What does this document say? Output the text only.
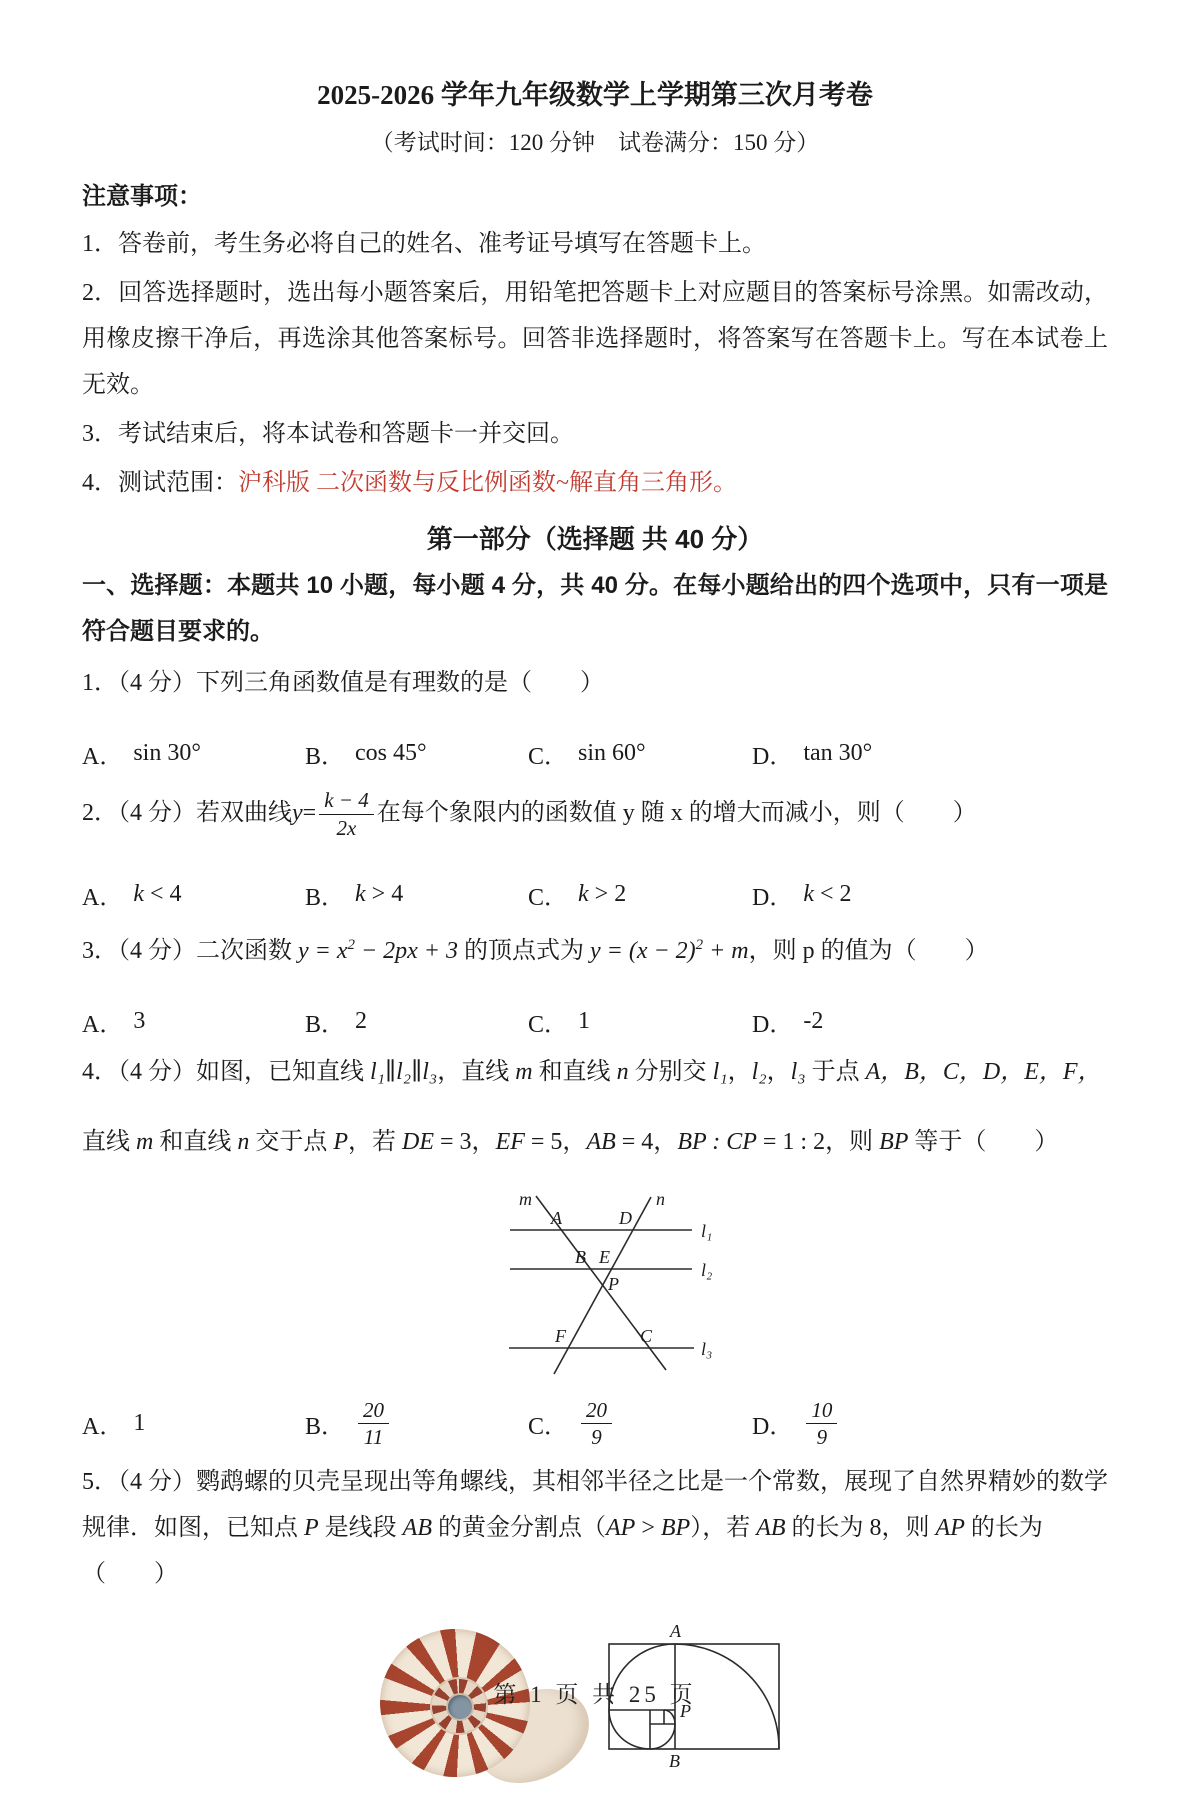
2025-2026 学年九年级数学上学期第三次月考卷
（考试时间：120 分钟　试卷满分：150 分）
注意事项：

1．答卷前，考生务必将自己的姓名、准考证号填写在答题卡上。

2．回答选择题时，选出每小题答案后，用铅笔把答题卡上对应题目的答案标号涂黑。如需改动，用橡皮擦干净后，再选涂其他答案标号。回答非选择题时，将答案写在答题卡上。写在本试卷上无效。

3．考试结束后，将本试卷和答题卡一并交回。

4．测试范围：沪科版 二次函数与反比例函数~解直角三角形。

第一部分（选择题 共 40 分）

一、选择题：本题共 10 小题，每小题 4 分，共 40 分。在每小题给出的四个选项中，只有一项是符合题目要求的。

1．（4 分）下列三角函数值是有理数的是（　　）

A． sin 30°	B． cos 45°	C． sin 60°	D． tan 30°

2．（4 分）若双曲线 $y = \frac{k - 4}{2x}$ 在每个象限内的函数值 y 随 x 的增大而减小，则（　　）

A． k < 4	B． k > 4	C． k > 2	D． k < 2

3．（4 分）二次函数 $y = x^2 - 2px + 3$ 的顶点式为 $y = (x - 2)^2 + m$，则 p 的值为（　　）

A． 3	B． 2	C． 1	D． -2

4．（4 分）如图，已知直线 l₁∥l₂∥l₃，直线 m 和直线 n 分别交 l₁，l₂，l₃ 于点 A，B，C，D，E，F，

直线 m 和直线 n 交于点 P，若 DE = 3，EF = 5，AB = 4，BP : CP = 1 : 2，则 BP 等于（　　）

m	n
l₁
l₂
l₃
A	D
B E
P
F	C
A． 1	B． $\frac{20}{11}$	C． $\frac{20}{9}$	D． $\frac{10}{9}$

5．（4 分）鹦鹉螺的贝壳呈现出等角螺线，其相邻半径之比是一个常数，展现了自然界精妙的数学规律．如图，已知点 P 是线段 AB 的黄金分割点（AP > BP），若 AB 的长为 8，则 AP 的长为（　　）

A
P
B
第 1 页 共 25 页
